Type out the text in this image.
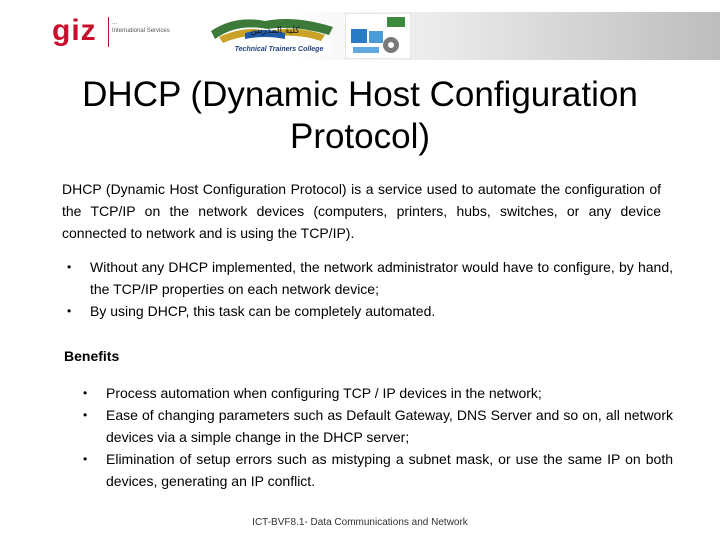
giz	...
International Services	كلية المدربين
Technical Trainers College
DHCP (Dynamic Host Configuration
Protocol)

DHCP (Dynamic Host Configuration Protocol) is a service used to automate the configuration of the TCP/IP on the network devices (computers, printers, hubs, switches, or any device connected to network and is using the TCP/IP).

• Without any DHCP implemented, the network administrator would have to configure, by hand, the TCP/IP properties on each network device;
• By using DHCP, this task can be completely automated.
Benefits
• Process automation when configuring TCP / IP devices in the network;
• Ease of changing parameters such as Default Gateway, DNS Server and so on, all network devices via a simple change in the DHCP server;
• Elimination of setup errors such as mistyping a subnet mask, or use the same IP on both devices, generating an IP conflict.
ICT-BVF8.1- Data Communications and Network
